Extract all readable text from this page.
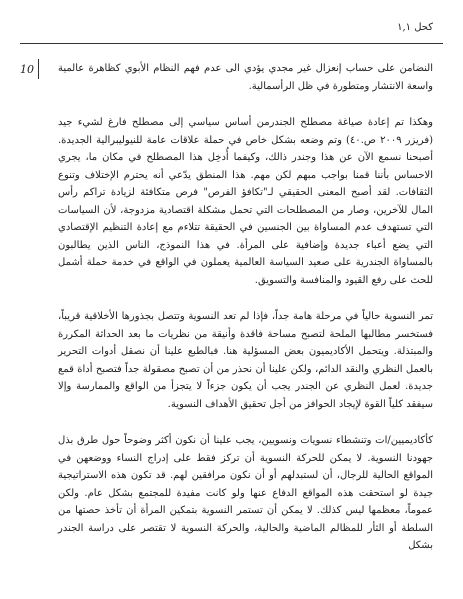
كحل ١,١
10 النضامن على حساب إنعزال غير مجدي يؤدي الى عدم فهم النظام الأبوي كظاهرة عالمية واسعة الانتشار ومتطورة في ظل الرأسمالية.

وهكذا تم إعادة صياغة مصطلح الجندرمن أساس سياسي إلى مصطلح فارغ لشيء جيد (فريزر ٢٠٠٩ ص.٤٠) وتم وضعه بشكل خاص في حملة علاقات عامة للنيوليبرالية الجديدة. أصبحنا نسمع الآن عن هذا وجندر ذالك، وكيفما أُدخِل هذا المصطلح في مكان ما، يجري الاحساس بأننا قمنا بواجب مبهم لكن مهم. هذا المنطق يدّعي أنه يحترم الإختلاف وتنوع الثقافات. لقد أصبح المعنى الحقيقي لـ"تكافؤ الفرص" فرص متكافئة لزيادة تراكم رأس المال للآخرين، وصار من المصطلحات التي تحمل مشكلة اقتصادية مزدوجة، لأن السياسات التي تستهدف عدم المساواة بين الجنسين في الحقيقة تتلاءم مع إعادة التنظيم الإقتصادي التي يضع أعباء جديدة وإضافية على المرأة. في هذا النموذج، الناس الذين يطالبون بالمساواة الجندرية على صعيد السياسة العالمية يعملون في الواقع في خدمة حملة أشمل للحث على رفع القيود والمنافسة والتسويق.

تمر النسوية حالياً في مرحلة هامة جداً، فإذا لم تعد النسوية وتتصل بجذورها الأخلاقية قريباً، فستخسر مطالبها الملحة لتصبح مساحة فاقدة وأنيقة من نظريات ما بعد الحداثة المكررة والمبتذلة. ويتحمل الأكاديميون بعض المسؤلية هنا. فبالطبع علينا أن نصقل أدوات التحرير بالعمل النظري والنقد الدائم، ولكن علينا أن نحذر من أن تصبح مصقولة جداً فتصبح أداة قمع جديدة. لعمل النظري عن الجندر يجب أن يكون جزءاً لا يتجزأ من الواقع والممارسة وإلا سيفقد كلياً القوة لإيجاد الحوافز من أجل تحقيق الأهداف النسوية.

كأكاديميين/ات وتنشطاء نسويات ونسويين، يجب علينا أن نكون أكثر وضوحاً حول طرق بذل جهودنا النسوية. لا يمكن للحركة النسوية أن تركز فقط على إدراج النساء ووضعهن في المواقع الحالية للرجال، أن لستبدلهم أو أن نكون مرافقين لهم. قد تكون هذه الاستراتيجية جيدة لو استحقت هذه المواقع الدفاع عنها ولو كانت مفيدة للمجتمع بشكل عام. ولكن عموماً، معظمها ليس كذلك. لا يمكن أن تستمر النسوية بتمكين المرأة أن تأخذ حصتها من السلطة أو الثأر للمظالم الماضية والحالية، والحركة النسوية لا تقتصر على دراسة الجندر بشكل
